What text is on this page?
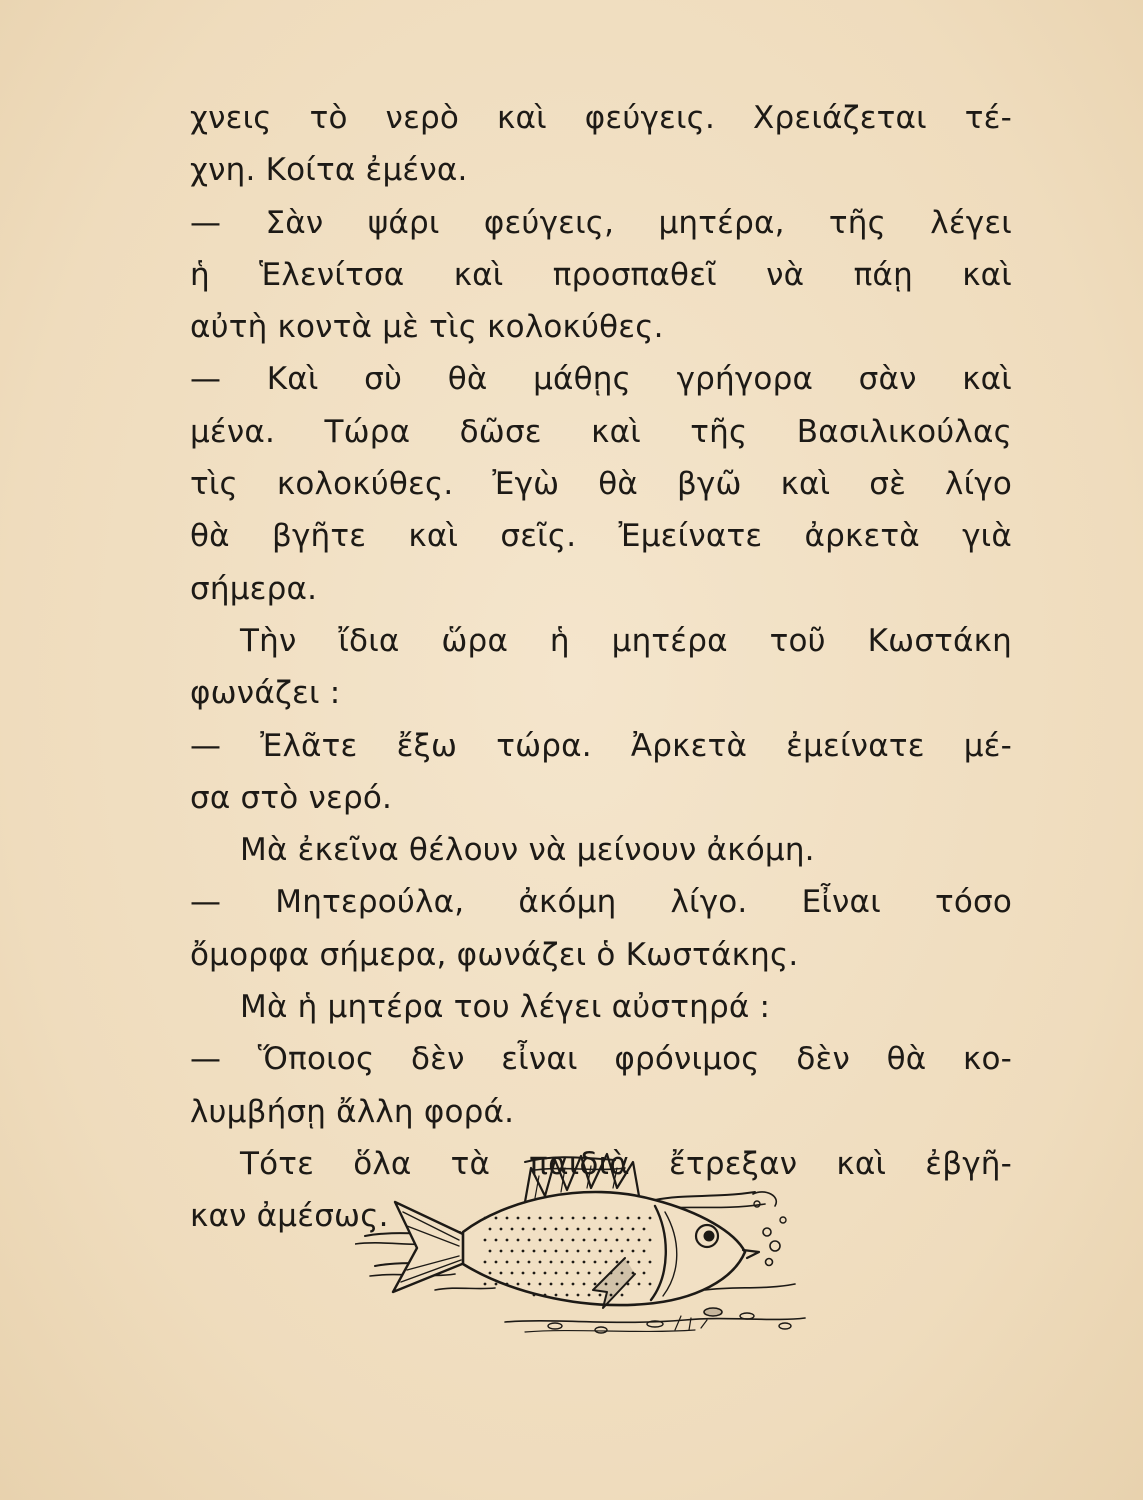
χνεις τὸ νερὸ καὶ φεύγεις. Χρειάζεται τέ-
χνη. Κοίτα ἐμένα.
— Σὰν ψάρι φεύγεις, μητέρα, τῆς λέγει
ἡ Ἑλενίτσα καὶ προσπαθεῖ νὰ πάῃ καὶ
αὐτὴ κοντὰ μὲ τὶς κολοκύθες.
— Καὶ σὺ θὰ μάθῃς γρήγορα σὰν καὶ
μένα. Τώρα δῶσε καὶ τῆς Βασιλικούλας
τὶς κολοκύθες. Ἐγὼ θὰ βγῶ καὶ σὲ λίγο
θὰ βγῆτε καὶ σεῖς. Ἐμείνατε ἀρκετὰ γιὰ
σήμερα.
Τὴν ἴδια ὥρα ἡ μητέρα τοῦ Κωστάκη
φωνάζει :
— Ἐλᾶτε ἔξω τώρα. Ἀρκετὰ ἐμείνατε μέ-
σα στὸ νερό.
Μὰ ἐκεῖνα θέλουν νὰ μείνουν ἀκόμη.
— Μητερούλα, ἀκόμη λίγο. Εἶναι τόσο
ὄμορφα σήμερα, φωνάζει ὁ Κωστάκης.
Μὰ ἡ μητέρα του λέγει αὐστηρά :
— Ὅποιος δὲν εἶναι φρόνιμος δὲν θὰ κο-
λυμβήσῃ ἄλλη φορά.
Τότε ὅλα τὰ παιδιὰ ἔτρεξαν καὶ ἐβγῆ-
καν ἀμέσως.
